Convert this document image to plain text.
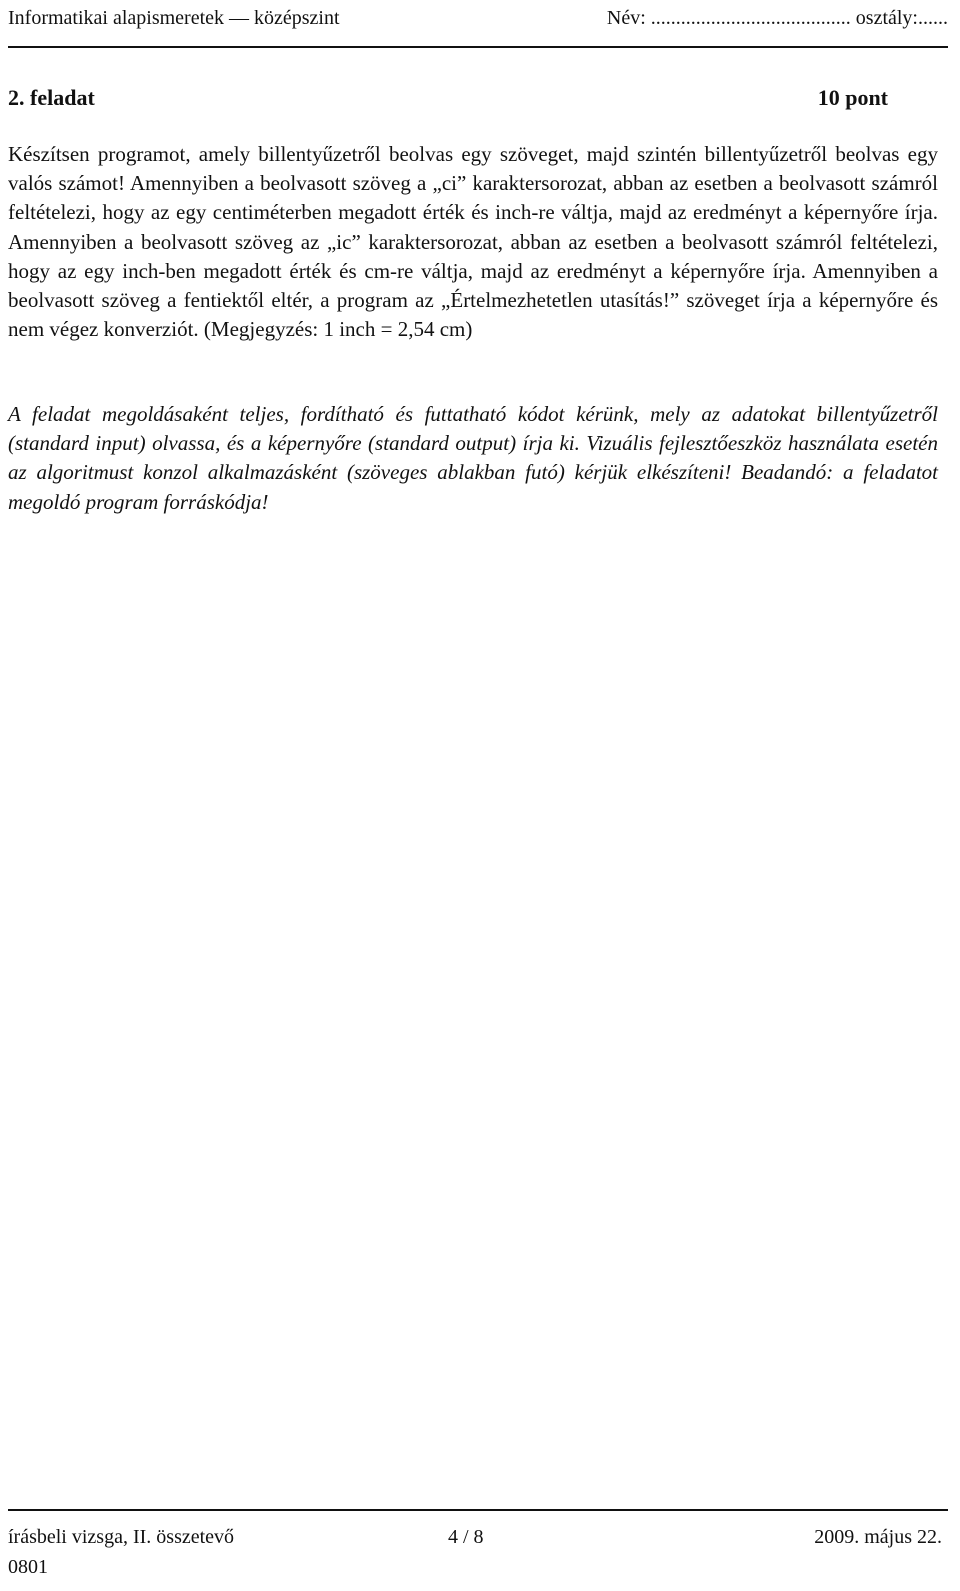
Informatikai alapismeretek — középszint	Név: ........................................ osztály:......
2. feladat	10 pont
Készítsen programot, amely billentyűzetről beolvas egy szöveget, majd szintén billentyűzetről beolvas egy valós számot! Amennyiben a beolvasott szöveg a „ci” karaktersorozat, abban az esetben a beolvasott számról feltételezi, hogy az egy centiméterben megadott érték és inch-re váltja, majd az eredményt a képernyőre írja. Amennyiben a beolvasott szöveg az „ic” karaktersorozat, abban az esetben a beolvasott számról feltételezi, hogy az egy inch-ben megadott érték és cm-re váltja, majd az eredményt a képernyőre írja. Amennyiben a beolvasott szöveg a fentiektől eltér, a program az „Értelmezhetetlen utasítás!” szöveget írja a képernyőre és nem végez konverziót. (Megjegyzés: 1 inch = 2,54 cm)
A feladat megoldásaként teljes, fordítható és futtatható kódot kérünk, mely az adatokat billentyűzetről (standard input) olvassa, és a képernyőre (standard output) írja ki. Vizuális fejlesztőeszköz használata esetén az algoritmust konzol alkalmazásként (szöveges ablakban futó) kérjük elkészíteni! Beadandó: a feladatot megoldó program forráskódja!
írásbeli vizsga, II. összetevő	4 / 8	2009. május 22.
0801
